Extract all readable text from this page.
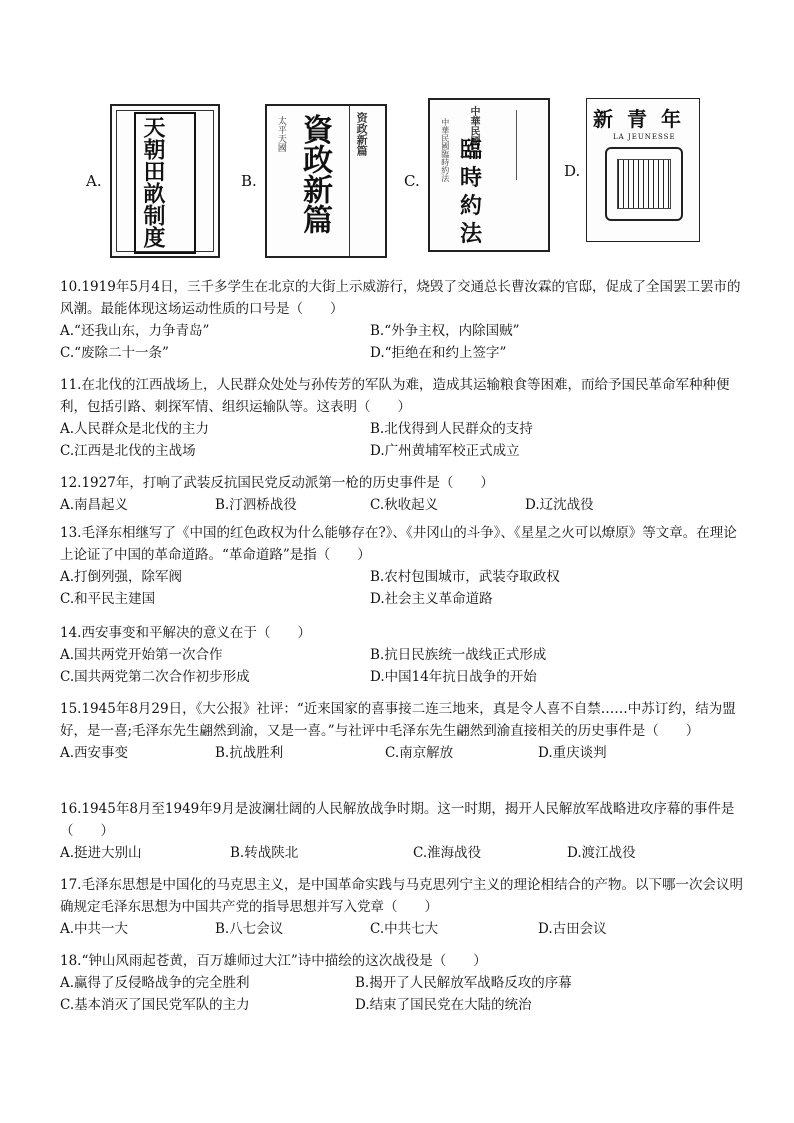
A. 天朝田畝制度	B.
太平天國 資政新篇 资政新篇
C.	中華民國臨時約法 中華民國
臨時約法
D.
新青年
LA JEUNESSE

10.1919年5月4日，三千多学生在北京的大街上示威游行，烧毁了交通总长曹汝霖的官邸，促成了全国罢工罢市的风潮。最能体现这场运动性质的口号是（　　）

A.“还我山东，力争青岛”	B.“外争主权，内除国贼”
C.“废除二十一条”	D.“拒绝在和约上签字”

11.在北伐的江西战场上，人民群众处处与孙传芳的军队为难，造成其运输粮食等困难，而给予国民革命军种种便利，包括引路、刺探军情、组织运输队等。这表明（　　）

A.人民群众是北伐的主力	B.北伐得到人民群众的支持
C.江西是北伐的主战场	D.广州黄埔军校正式成立

12.1927年，打响了武装反抗国民党反动派第一枪的历史事件是（　　）

A.南昌起义	B.汀泗桥战役	C.秋收起义	D.辽沈战役

13.毛泽东相继写了《中国的红色政权为什么能够存在?》、《井冈山的斗争》、《星星之火可以燎原》等文章。在理论上论证了中国的革命道路。“革命道路”是指（　　）

A.打倒列强，除军阀	B.农村包围城市，武装夺取政权
C.和平民主建国	D.社会主义革命道路

14.西安事变和平解决的意义在于（　　）

A.国共两党开始第一次合作	B.抗日民族统一战线正式形成
C.国共两党第二次合作初步形成	D.中国14年抗日战争的开始

15.1945年8月29日，《大公报》社评：“近来国家的喜事接二连三地来，真是令人喜不自禁……中苏订约，结为盟好，是一喜;毛泽东先生翩然到渝，又是一喜。”与社评中毛泽东先生翩然到渝直接相关的历史事件是（　　）

A.西安事变	B.抗战胜利	C.南京解放	D.重庆谈判

16.1945年8月至1949年9月是波澜壮阔的人民解放战争时期。这一时期，揭开人民解放军战略进攻序幕的事件是（　　）

A.挺进大别山	B.转战陕北	C.淮海战役	D.渡江战役

17.毛泽东思想是中国化的马克思主义，是中国革命实践与马克思列宁主义的理论相结合的产物。以下哪一次会议明确规定毛泽东思想为中国共产党的指导思想并写入党章（　　）

A.中共一大	B.八七会议	C.中共七大	D.古田会议

18.“钟山风雨起苍黄，百万雄师过大江”诗中描绘的这次战役是（　　）

A.赢得了反侵略战争的完全胜利	B.揭开了人民解放军战略反攻的序幕
C.基本消灭了国民党军队的主力	D.结束了国民党在大陆的统治
